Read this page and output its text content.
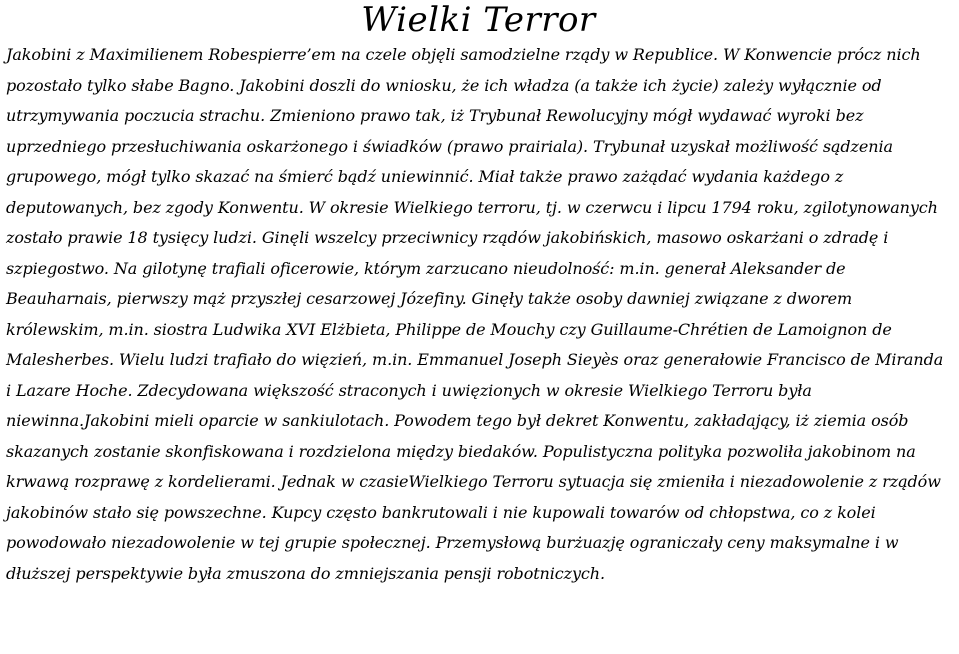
Wielki Terror

Jakobini z Maximilienem Robespierre’em na czele objęli samodzielne rządy w Republice. W Konwencie prócz nich pozostało tylko słabe Bagno. Jakobini doszli do wniosku, że ich władza (a także ich życie) zależy wyłącznie od utrzymywania poczucia strachu. Zmieniono prawo tak, iż Trybunał Rewolucyjny mógł wydawać wyroki bez uprzedniego przesłuchiwania oskarżonego i świadków (prawo prairiala). Trybunał uzyskał możliwość sądzenia grupowego, mógł tylko skazać na śmierć bądź uniewinnić. Miał także prawo zażądać wydania każdego z deputowanych, bez zgody Konwentu. W okresie Wielkiego terroru, tj. w czerwcu i lipcu 1794 roku, zgilotynowanych zostało prawie 18 tysięcy ludzi. Ginęli wszelcy przeciwnicy rządów jakobińskich, masowo oskarżani o zdradę i szpiegostwo. Na gilotynę trafiali oficerowie, którym zarzucano nieudolność: m.in. generał Aleksander de Beauharnais, pierwszy mąż przyszłej cesarzowej Józefiny. Ginęły także osoby dawniej związane z dworem królewskim, m.in. siostra Ludwika XVI Elżbieta, Philippe de Mouchy czy Guillaume-Chrétien de Lamoignon de Malesherbes. Wielu ludzi trafiało do więzień, m.in. Emmanuel Joseph Sieyès oraz generałowie Francisco de Miranda i Lazare Hoche. Zdecydowana większość straconych i uwięzionych w okresie Wielkiego Terroru była niewinna.Jakobini mieli oparcie w sankiulotach. Powodem tego był dekret Konwentu, zakładający, iż ziemia osób skazanych zostanie skonfiskowana i rozdzielona między biedaków. Populistyczna polityka pozwoliła jakobinom na krwawą rozprawę z kordelierami. Jednak w czasieWielkiego Terroru sytuacja się zmieniła i niezadowolenie z rządów jakobinów stało się powszechne. Kupcy często bankrutowali i nie kupowali towarów od chłopstwa, co z kolei powodowało niezadowolenie w tej grupie społecznej. Przemysłową burżuazję ograniczały ceny maksymalne i w dłuższej perspektywie była zmuszona do zmniejszania pensji robotniczych.
